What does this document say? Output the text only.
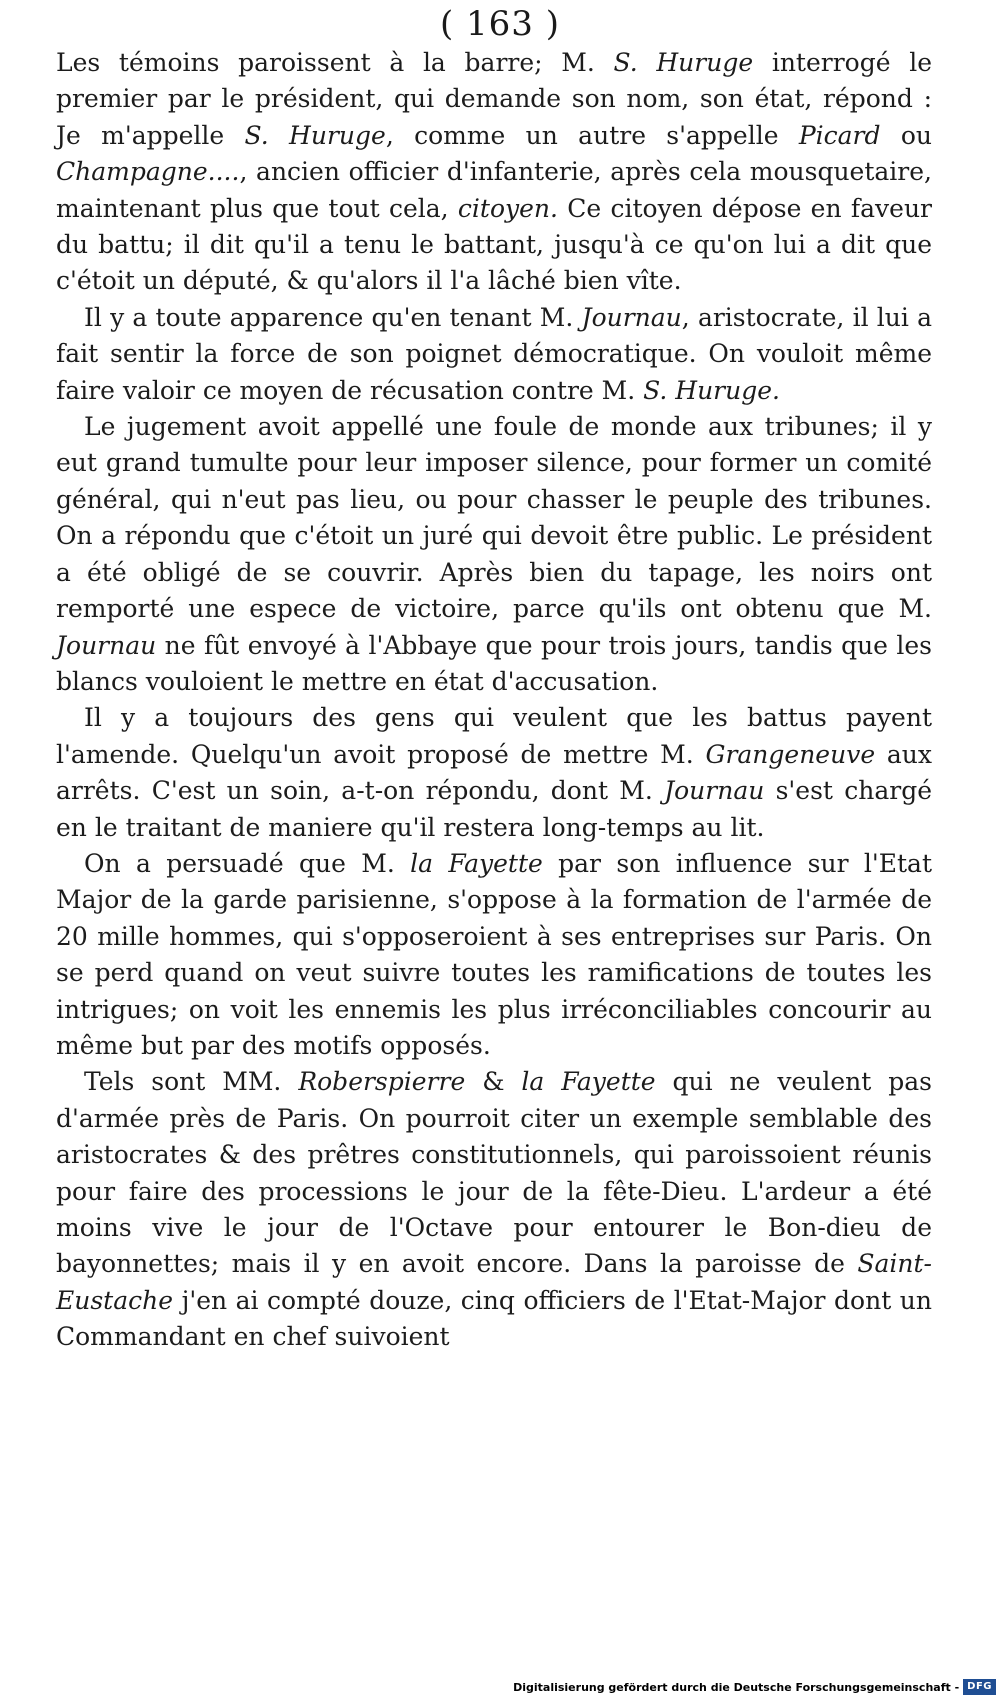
( 163 )

Les témoins paroissent à la barre; M. S. Huruge interrogé le premier par le président, qui demande son nom, son état, répond : Je m'appelle S. Huruge, comme un autre s'appelle Picard ou Champagne...., ancien officier d'infanterie, après cela mousquetaire, maintenant plus que tout cela, citoyen. Ce citoyen dépose en faveur du battu; il dit qu'il a tenu le battant, jusqu'à ce qu'on lui a dit que c'étoit un député, & qu'alors il l'a lâché bien vîte.

Il y a toute apparence qu'en tenant M. Journau, aristocrate, il lui a fait sentir la force de son poignet démocratique. On vouloit même faire valoir ce moyen de récusation contre M. S. Huruge.

Le jugement avoit appellé une foule de monde aux tribunes; il y eut grand tumulte pour leur imposer silence, pour former un comité général, qui n'eut pas lieu, ou pour chasser le peuple des tribunes. On a répondu que c'étoit un juré qui devoit être public. Le président a été obligé de se couvrir. Après bien du tapage, les noirs ont remporté une espece de victoire, parce qu'ils ont obtenu que M. Journau ne fût envoyé à l'Abbaye que pour trois jours, tandis que les blancs vouloient le mettre en état d'accusation.

Il y a toujours des gens qui veulent que les battus payent l'amende. Quelqu'un avoit proposé de mettre M. Grangeneuve aux arrêts. C'est un soin, a-t-on répondu, dont M. Journau s'est chargé en le traitant de maniere qu'il restera long-temps au lit.

On a persuadé que M. la Fayette par son influence sur l'Etat Major de la garde parisienne, s'oppose à la formation de l'armée de 20 mille hommes, qui s'opposeroient à ses entreprises sur Paris. On se perd quand on veut suivre toutes les ramifications de toutes les intrigues; on voit les ennemis les plus irréconciliables concourir au même but par des motifs opposés.

Tels sont MM. Roberspierre & la Fayette qui ne veulent pas d'armée près de Paris. On pourroit citer un exemple semblable des aristocrates & des prêtres constitutionnels, qui paroissoient réunis pour faire des processions le jour de la fête-Dieu. L'ardeur a été moins vive le jour de l'Octave pour entourer le Bon-dieu de bayonnettes; mais il y en avoit encore. Dans la paroisse de Saint-Eustache j'en ai compté douze, cinq officiers de l'Etat-Major dont un Commandant en chef suivoient

Digitalisierung gefördert durch die Deutsche Forschungsgemeinschaft - DFG
